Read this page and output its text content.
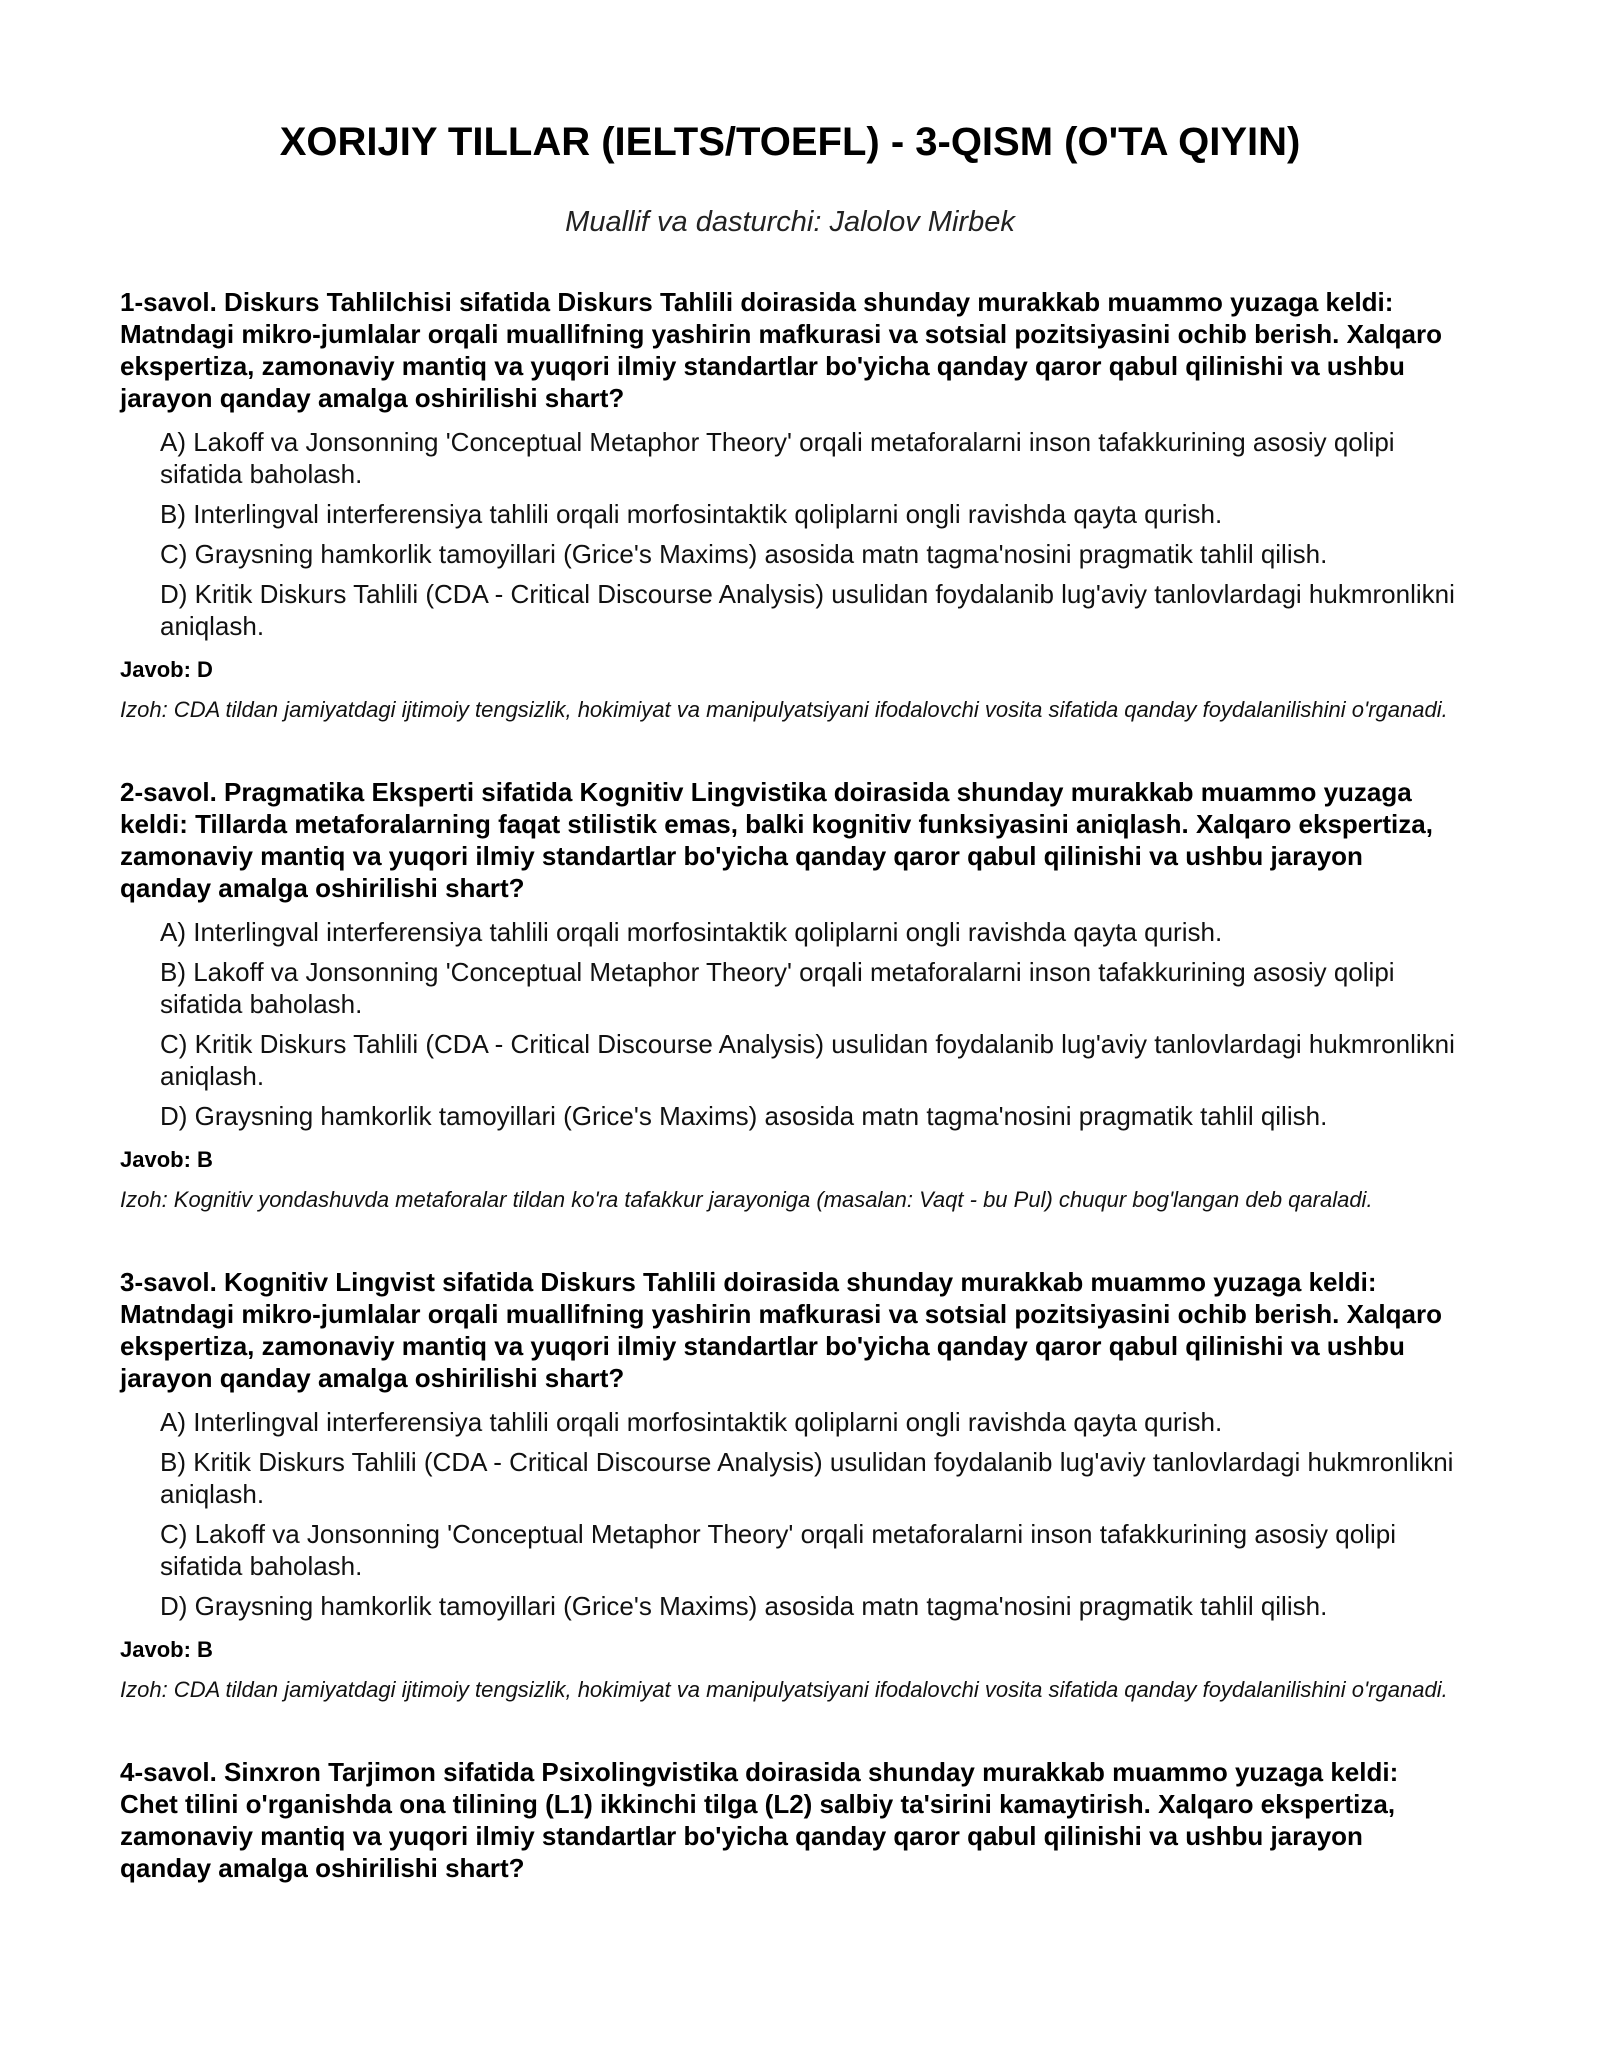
XORIJIY TILLAR (IELTS/TOEFL) - 3-QISM (O'TA QIYIN)

Muallif va dasturchi: Jalolov Mirbek

1-savol. Diskurs Tahlilchisi sifatida Diskurs Tahlili doirasida shunday murakkab muammo yuzaga keldi: Matndagi mikro-jumlalar orqali muallifning yashirin mafkurasi va sotsial pozitsiyasini ochib berish. Xalqaro ekspertiza, zamonaviy mantiq va yuqori ilmiy standartlar bo'yicha qanday qaror qabul qilinishi va ushbu jarayon qanday amalga oshirilishi shart?

A) Lakoff va Jonsonning 'Conceptual Metaphor Theory' orqali metaforalarni inson tafakkurining asosiy qolipi sifatida baholash.
B) Interlingval interferensiya tahlili orqali morfosintaktik qoliplarni ongli ravishda qayta qurish.
C) Graysning hamkorlik tamoyillari (Grice's Maxims) asosida matn tagma'nosini pragmatik tahlil qilish.
D) Kritik Diskurs Tahlili (CDA - Critical Discourse Analysis) usulidan foydalanib lug'aviy tanlovlardagi hukmronlikni aniqlash.

Javob: D

Izoh: CDA tildan jamiyatdagi ijtimoiy tengsizlik, hokimiyat va manipulyatsiyani ifodalovchi vosita sifatida qanday foydalanilishini o'rganadi.

2-savol. Pragmatika Eksperti sifatida Kognitiv Lingvistika doirasida shunday murakkab muammo yuzaga keldi: Tillarda metaforalarning faqat stilistik emas, balki kognitiv funksiyasini aniqlash. Xalqaro ekspertiza, zamonaviy mantiq va yuqori ilmiy standartlar bo'yicha qanday qaror qabul qilinishi va ushbu jarayon qanday amalga oshirilishi shart?

A) Interlingval interferensiya tahlili orqali morfosintaktik qoliplarni ongli ravishda qayta qurish.
B) Lakoff va Jonsonning 'Conceptual Metaphor Theory' orqali metaforalarni inson tafakkurining asosiy qolipi sifatida baholash.
C) Kritik Diskurs Tahlili (CDA - Critical Discourse Analysis) usulidan foydalanib lug'aviy tanlovlardagi hukmronlikni aniqlash.
D) Graysning hamkorlik tamoyillari (Grice's Maxims) asosida matn tagma'nosini pragmatik tahlil qilish.

Javob: B

Izoh: Kognitiv yondashuvda metaforalar tildan ko'ra tafakkur jarayoniga (masalan: Vaqt - bu Pul) chuqur bog'langan deb qaraladi.

3-savol. Kognitiv Lingvist sifatida Diskurs Tahlili doirasida shunday murakkab muammo yuzaga keldi: Matndagi mikro-jumlalar orqali muallifning yashirin mafkurasi va sotsial pozitsiyasini ochib berish. Xalqaro ekspertiza, zamonaviy mantiq va yuqori ilmiy standartlar bo'yicha qanday qaror qabul qilinishi va ushbu jarayon qanday amalga oshirilishi shart?

A) Interlingval interferensiya tahlili orqali morfosintaktik qoliplarni ongli ravishda qayta qurish.
B) Kritik Diskurs Tahlili (CDA - Critical Discourse Analysis) usulidan foydalanib lug'aviy tanlovlardagi hukmronlikni aniqlash.
C) Lakoff va Jonsonning 'Conceptual Metaphor Theory' orqali metaforalarni inson tafakkurining asosiy qolipi sifatida baholash.
D) Graysning hamkorlik tamoyillari (Grice's Maxims) asosida matn tagma'nosini pragmatik tahlil qilish.

Javob: B

Izoh: CDA tildan jamiyatdagi ijtimoiy tengsizlik, hokimiyat va manipulyatsiyani ifodalovchi vosita sifatida qanday foydalanilishini o'rganadi.

4-savol. Sinxron Tarjimon sifatida Psixolingvistika doirasida shunday murakkab muammo yuzaga keldi: Chet tilini o'rganishda ona tilining (L1) ikkinchi tilga (L2) salbiy ta'sirini kamaytirish. Xalqaro ekspertiza, zamonaviy mantiq va yuqori ilmiy standartlar bo'yicha qanday qaror qabul qilinishi va ushbu jarayon qanday amalga oshirilishi shart?
